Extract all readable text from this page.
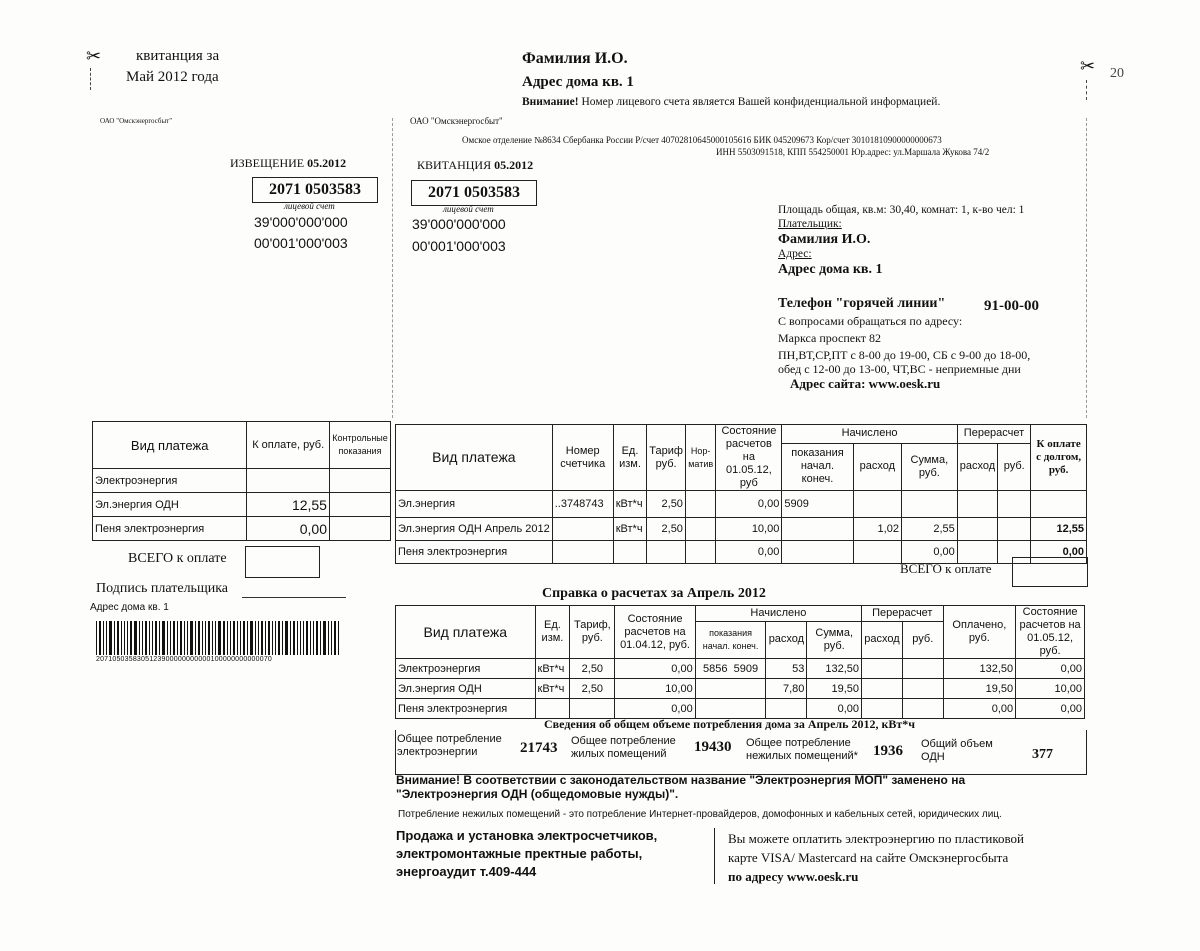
✂ квитанция за
Май 2012 года
Фамилия И.О.
Адрес дома кв. 1
Внимание! Номер лицевого счета является Вашей конфиденциальной информацией.
✂ 20
ОАО "Омскэнергосбыт"
ИЗВЕЩЕНИЕ 05.2012
2071 0503583
лицевой счет
39'000'000'000
00'001'000'003
Вид платежа	К оплате, руб.	Контрольные показания
Электроэнергия		
Эл.энергия ОДН	12,55	
Пеня электроэнергия	0,00	
ВСЕГО к оплате
Подпись плательщика
Адрес дома кв. 1
2071050358305123900000000000100000000000070
ОАО "Омскэнергосбыт"
Омское отделение №8634 Сбербанка России Р/счет 40702810645000105616 БИК 045209673 Кор/счет 30101810900000000673
ИНН 5503091518, КПП 554250001 Юр.адрес: ул.Маршала Жукова 74/2
КВИТАНЦИЯ 05.2012
2071 0503583
лицевой счет
39'000'000'000
00'001'000'003
Площадь общая, кв.м: 30,40, комнат: 1, к-во чел: 1
Плательщик:
Фамилия И.О.
Адрес:
Адрес дома кв. 1
Телефон "горячей линии"	91-00-00
С вопросами обращаться по адресу:
Маркса проспект 82
ПН,ВТ,СР,ПТ с 8-00 до 19-00, СБ с 9-00 до 18-00,
обед с 12-00 до 13-00, ЧТ,ВС - неприемные дни
Адрес сайта: www.oesk.ru
Вид платежа	Номер счетчика	Ед. изм.	Тариф руб.	Нор-матив	Состояние расчетов на 01.05.12, руб	Начислено			Перерасчет		К оплате с долгом, руб.
						показания начал. конеч.	расход	Сумма, руб.	расход	руб.	
Эл.энергия	..3748743	кВт*ч	2,50		0,00	5909					
Эл.энергия ОДН Апрель 2012		кВт*ч	2,50		10,00		1,02	2,55			12,55
Пеня электроэнергия					0,00			0,00			0,00
ВСЕГО к оплате
Справка о расчетах за Апрель 2012
Вид платежа	Ед. изм.	Тариф, руб.	Состояние расчетов на 01.04.12, руб.	Начислено			Перерасчет		Оплачено, руб.	Состояние расчетов на 01.05.12, руб.
				показания
начал. конеч.	расход	Сумма, руб.	расход	руб.		
Электроэнергия	кВт*ч	2,50	0,00	5856 5909	53	132,50			132,50	0,00
Эл.энергия ОДН	кВт*ч	2,50	10,00		7,80	19,50			19,50	10,00
Пеня электроэнергия			0,00			0,00			0,00	0,00
Сведения об общем объеме потребления дома за Апрель 2012, кВт*ч
Общее потребление
электроэнергии	21743 Общее потребление
жилых помещений	19430 Общее потребление
нежилых помещений* 1936 Общий объем
ОДН	377
Внимание! В соответствии с законодательством название "Электроэнергия МОП" заменено на
"Электроэнергия ОДН (общедомовые нужды)".
Потребление нежилых помещений - это потребление Интернет-провайдеров, домофонных и кабельных сетей, юридических лиц.
Продажа и установка электросчетчиков,
электромонтажные пректные работы,
энергоаудит т.409-444
Вы можете оплатить электроэнергию по пластиковой
карте VISA/ Mastercard на сайте Омскэнергосбыта
по адресу www.oesk.ru
